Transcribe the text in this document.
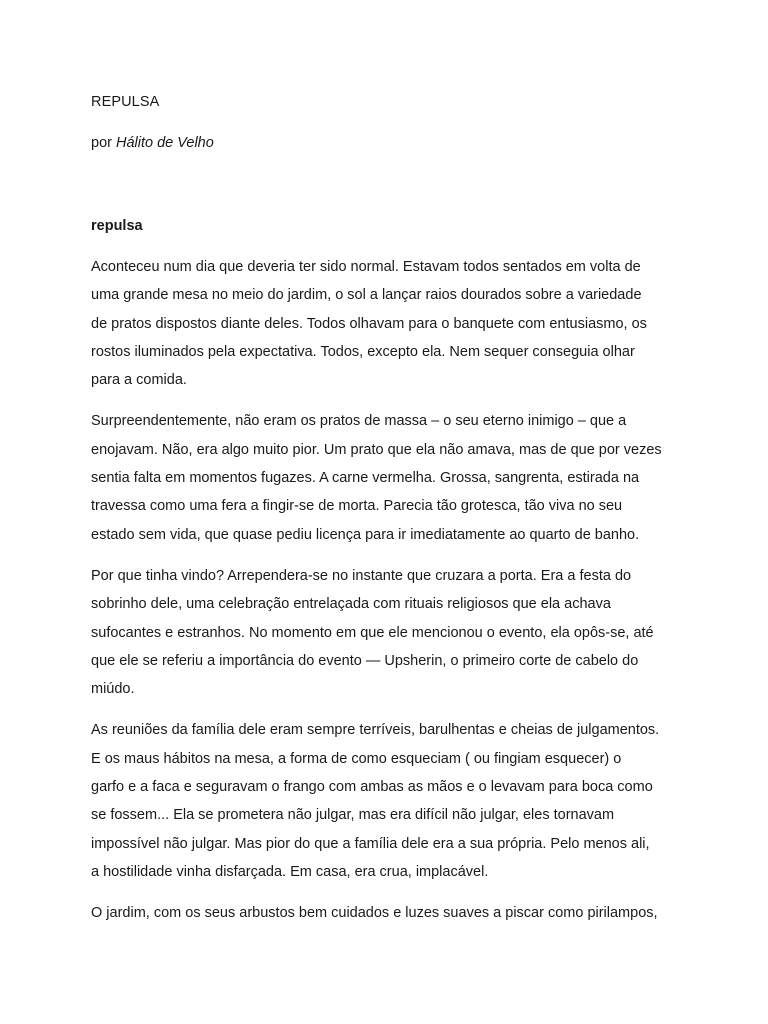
REPULSA

por Hálito de Velho

repulsa

Aconteceu num dia que deveria ter sido normal. Estavam todos sentados em volta de
uma grande mesa no meio do jardim, o sol a lançar raios dourados sobre a variedade
de pratos dispostos diante deles. Todos olhavam para o banquete com entusiasmo, os
rostos iluminados pela expectativa. Todos, excepto ela. Nem sequer conseguia olhar
para a comida.

Surpreendentemente, não eram os pratos de massa – o seu eterno inimigo – que a
enojavam. Não, era algo muito pior. Um prato que ela não amava, mas de que por vezes
sentia falta em momentos fugazes. A carne vermelha. Grossa, sangrenta, estirada na
travessa como uma fera a fingir-se de morta. Parecia tão grotesca, tão viva no seu
estado sem vida, que quase pediu licença para ir imediatamente ao quarto de banho.

Por que tinha vindo? Arrependera-se no instante que cruzara a porta. Era a festa do
sobrinho dele, uma celebração entrelaçada com rituais religiosos que ela achava
sufocantes e estranhos. No momento em que ele mencionou o evento, ela opôs-se, até
que ele se referiu a importância do evento — Upsherin, o primeiro corte de cabelo do
miúdo.

As reuniões da família dele eram sempre terríveis, barulhentas e cheias de julgamentos.
E os maus hábitos na mesa, a forma de como esqueciam ( ou fingiam esquecer) o
garfo e a faca e seguravam o frango com ambas as mãos e o levavam para boca como
se fossem... Ela se prometera não julgar, mas era difícil não julgar, eles tornavam
impossível não julgar. Mas pior do que a família dele era a sua própria. Pelo menos ali,
a hostilidade vinha disfarçada. Em casa, era crua, implacável.

O jardim, com os seus arbustos bem cuidados e luzes suaves a piscar como pirilampos,
